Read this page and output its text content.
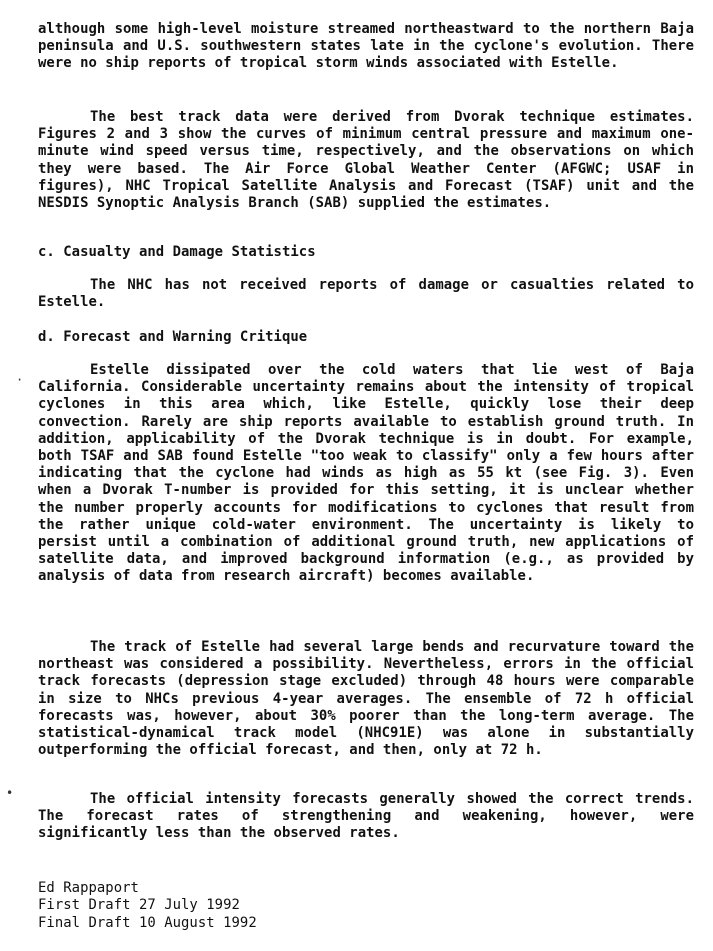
although some high-level moisture streamed northeastward to the northern Baja peninsula and U.S. southwestern states late in the cyclone's evolution. There were no ship reports of tropical storm winds associated with Estelle.

The best track data were derived from Dvorak technique estimates. Figures 2 and 3 show the curves of minimum central pressure and maximum one-minute wind speed versus time, respectively, and the observations on which they were based. The Air Force Global Weather Center (AFGWC; USAF in figures), NHC Tropical Satellite Analysis and Forecast (TSAF) unit and the NESDIS Synoptic Analysis Branch (SAB) supplied the estimates.

c. Casualty and Damage Statistics

The NHC has not received reports of damage or casualties related to Estelle.

d. Forecast and Warning Critique

Estelle dissipated over the cold waters that lie west of Baja California. Considerable uncertainty remains about the intensity of tropical cyclones in this area which, like Estelle, quickly lose their deep convection. Rarely are ship reports available to establish ground truth. In addition, applicability of the Dvorak technique is in doubt. For example, both TSAF and SAB found Estelle "too weak to classify" only a few hours after indicating that the cyclone had winds as high as 55 kt (see Fig. 3). Even when a Dvorak T-number is provided for this setting, it is unclear whether the number properly accounts for modifications to cyclones that result from the rather unique cold-water environment. The uncertainty is likely to persist until a combination of additional ground truth, new applications of satellite data, and improved background information (e.g., as provided by analysis of data from research aircraft) becomes available.

The track of Estelle had several large bends and recurvature toward the northeast was considered a possibility. Nevertheless, errors in the official track forecasts (depression stage excluded) through 48 hours were comparable in size to NHCs previous 4-year averages. The ensemble of 72 h official forecasts was, however, about 30% poorer than the long-term average. The statistical-dynamical track model (NHC91E) was alone in substantially outperforming the official forecast, and then, only at 72 h.

The official intensity forecasts generally showed the correct trends. The forecast rates of strengthening and weakening, however, were significantly less than the observed rates.

Ed Rappaport
First Draft 27 July 1992
Final Draft 10 August 1992
•
·
